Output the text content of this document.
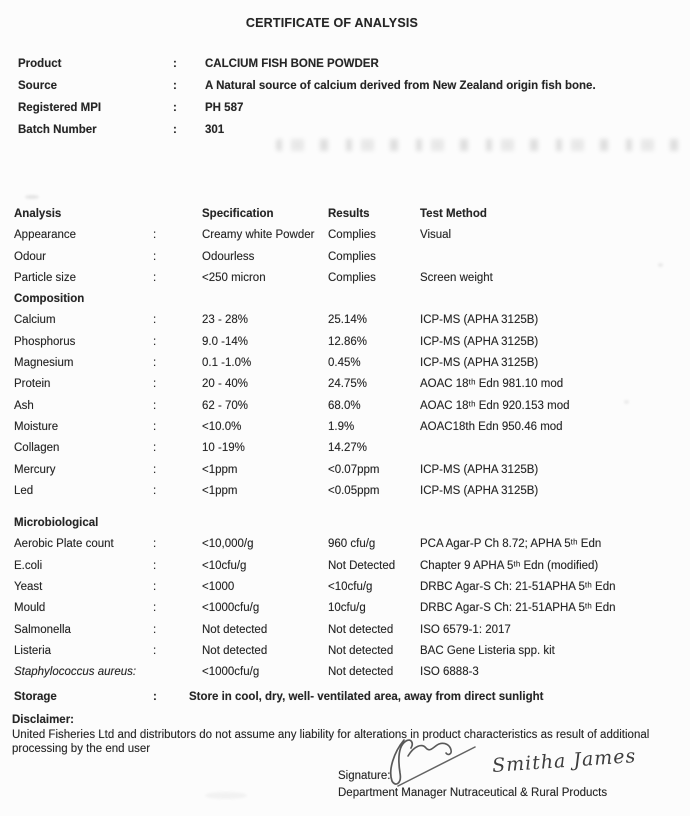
CERTIFICATE OF ANALYSIS
Product	:	CALCIUM FISH BONE POWDER
Source	:	A Natural source of calcium derived from New Zealand origin fish bone.
Registered MPI	:	PH 587
Batch Number	:	301
Analysis	Specification	Results	Test Method
Appearance	:	Creamy white Powder	Complies	Visual
Odour	:	Odourless	Complies
Particle size	:	<250 micron	Complies	Screen weight
Composition
Calcium	:	23 - 28%	25.14%	ICP-MS (APHA 3125B)
Phosphorus	:	9.0 -14%	12.86%	ICP-MS (APHA 3125B)
Magnesium	:	0.1 -1.0%	0.45%	ICP-MS (APHA 3125B)
Protein	:	20 - 40%	24.75%	AOAC 18ᵗʰ Edn 981.10 mod
Ash	:	62 - 70%	68.0%	AOAC 18ᵗʰ Edn 920.153 mod
Moisture	:	<10.0%	1.9%	AOAC18th Edn 950.46 mod
Collagen	:	10 -19%	14.27%
Mercury	:	<1ppm	<0.07ppm	ICP-MS (APHA 3125B)
Led	:	<1ppm	<0.05ppm	ICP-MS (APHA 3125B)
Microbiological
Aerobic Plate count	:	<10,000/g	960 cfu/g	PCA Agar-P Ch 8.72; APHA 5ᵗʰ Edn
E.coli	:	<10cfu/g	Not Detected	Chapter 9 APHA 5ᵗʰ Edn (modified)
Yeast	:	<1000	<10cfu/g	DRBC Agar-S Ch: 21-51APHA 5ᵗʰ Edn
Mould	:	<1000cfu/g	10cfu/g	DRBC Agar-S Ch: 21-51APHA 5ᵗʰ Edn
Salmonella	:	Not detected	Not detected	ISO 6579-1: 2017
Listeria	:	Not detected	Not detected	BAC Gene Listeria spp. kit
Staphylococcus aureus:	<1000cfu/g	Not detected	ISO 6888-3
Storage	:	Store in cool, dry, well- ventilated area, away from direct sunlight
Disclaimer:
United Fisheries Ltd and distributors do not assume any liability for alterations in product characteristics as result of additional processing by the end user
Signature:	Smitha James
Department Manager Nutraceutical & Rural Products
